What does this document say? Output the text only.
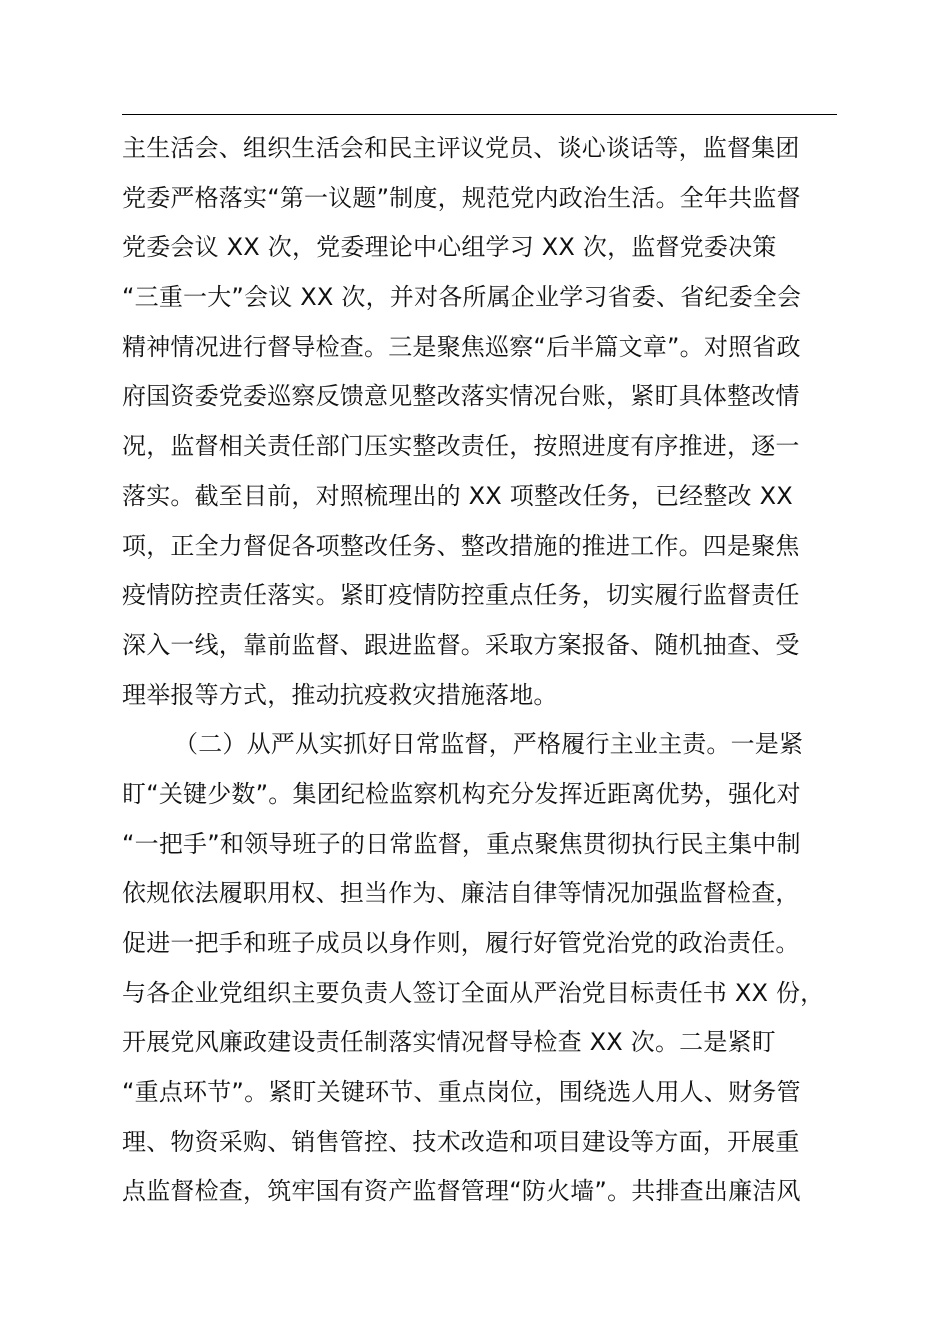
主生活会、组织生活会和民主评议党员、谈心谈话等，监督集团
党委严格落实“第一议题”制度，规范党内政治生活。全年共监督
党委会议 XX 次，党委理论中心组学习 XX 次，监督党委决策
“三重一大”会议 XX 次，并对各所属企业学习省委、省纪委全会
精神情况进行督导检查。三是聚焦巡察“后半篇文章”。对照省政
府国资委党委巡察反馈意见整改落实情况台账，紧盯具体整改情
况，监督相关责任部门压实整改责任，按照进度有序推进，逐一
落实。截至目前，对照梳理出的 XX 项整改任务，已经整改 XX
项，正全力督促各项整改任务、整改措施的推进工作。四是聚焦
疫情防控责任落实。紧盯疫情防控重点任务，切实履行监督责任
深入一线，靠前监督、跟进监督。采取方案报备、随机抽查、受
理举报等方式，推动抗疫救灾措施落地。
（二）从严从实抓好日常监督，严格履行主业主责。一是紧
盯“关键少数”。集团纪检监察机构充分发挥近距离优势，强化对
“一把手”和领导班子的日常监督，重点聚焦贯彻执行民主集中制
依规依法履职用权、担当作为、廉洁自律等情况加强监督检查，
促进一把手和班子成员以身作则，履行好管党治党的政治责任。
与各企业党组织主要负责人签订全面从严治党目标责任书 XX 份，
开展党风廉政建设责任制落实情况督导检查 XX 次。二是紧盯
“重点环节”。紧盯关键环节、重点岗位，围绕选人用人、财务管
理、物资采购、销售管控、技术改造和项目建设等方面，开展重
点监督检查，筑牢国有资产监督管理“防火墙”。共排查出廉洁风
